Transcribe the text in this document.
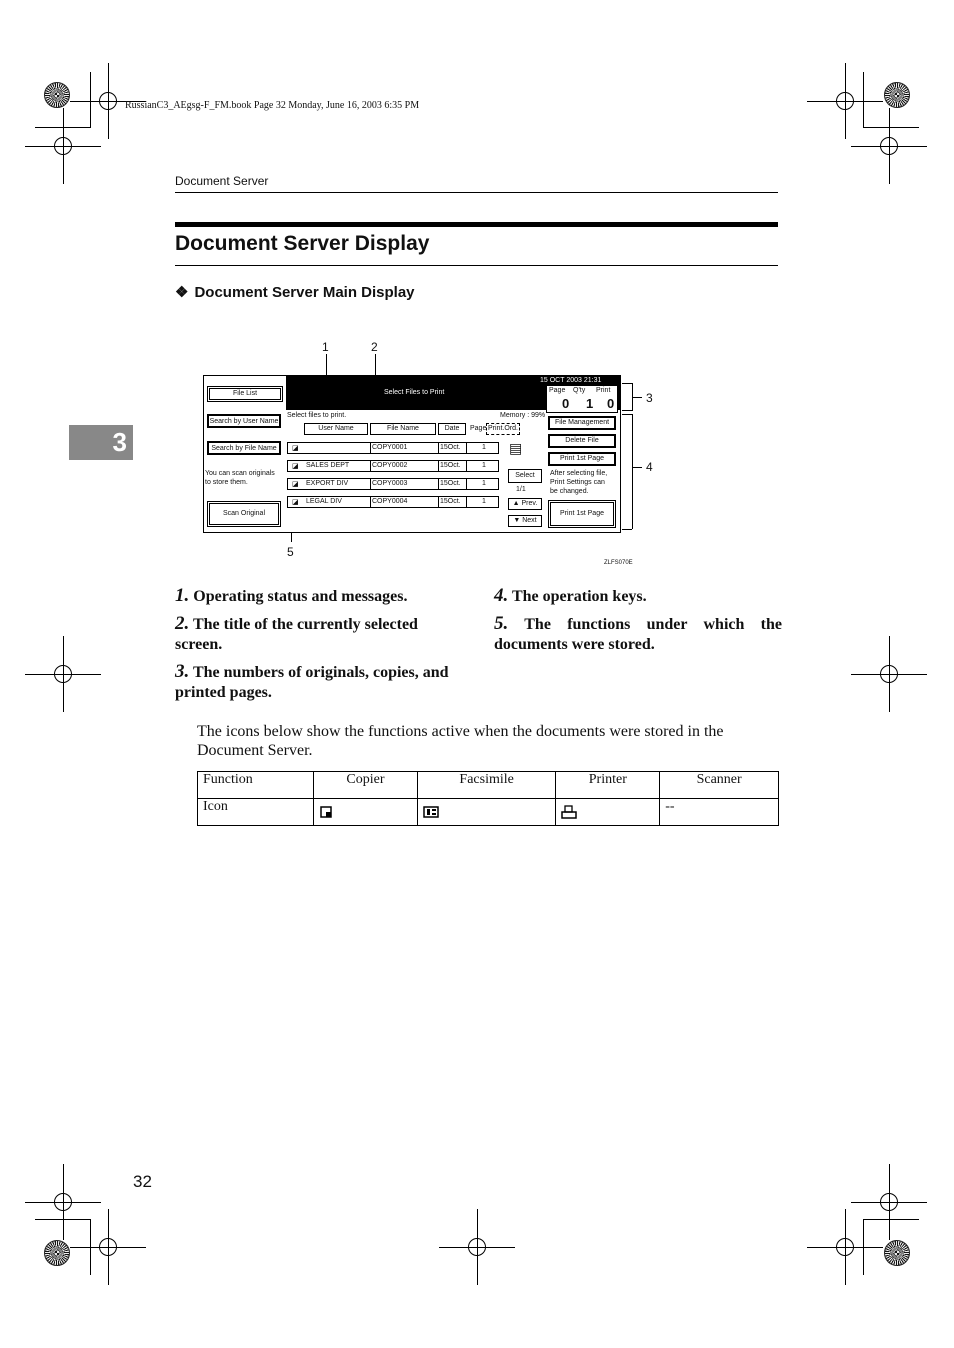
RussianC3_AEgsg-F_FM.book Page 32 Monday, June 16, 2003 6:35 PM
Document Server
Document Server Display
❖ Document Server Main Display
3
1	2
3
4
5
Select Files to Print
15 OCT 2003 21:31
File List
Search by User Name
Search by File Name
You can scan originals
to store them.
Scan Original
Select files to print.	Memory : 99%
User Name	File Name	Date	Page Print.Ord.
◪	COPY0001	15Oct.	1
◪ SALES DEPT	COPY0002	15Oct.	1
◪ EXPORT DIV	COPY0003	15Oct.	1
◪ LEGAL DIV	COPY0004	15Oct.	1
▤
Select
1/1
▲ Prev.
▼ Next
Page Q'ty Print
0 1 0
File Management
Delete File
Print 1st Page
After selecting file,
Print Settings can
be changed.
Print 1st Page
ZLFS070E
1. Operating status and messages.
2. The title of the currently selected screen.
3. The numbers of originals, copies, and printed pages.
4. The operation keys.
5. The functions under which the documents were stored.
The icons below show the functions active when the documents were stored in the Document Server.
Function	Copier	Facsimile	Printer	Scanner
Icon				--
32
